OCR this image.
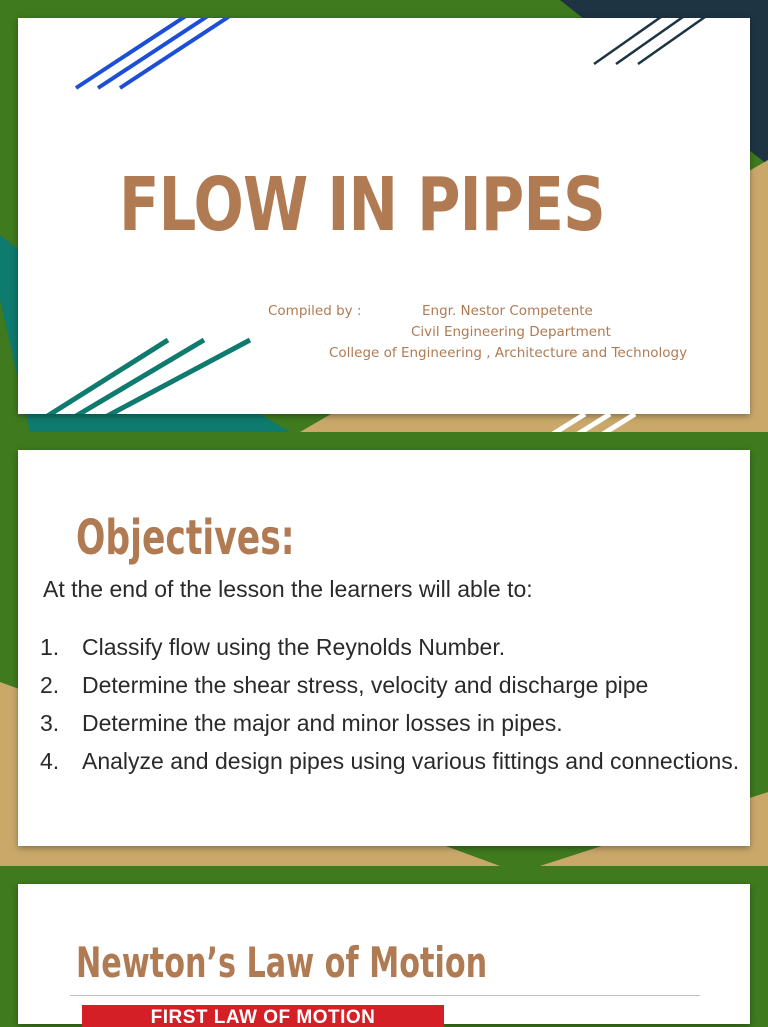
FLOW IN PIPES
Compiled by :	Engr. Nestor Competente
Civil Engineering Department
College of Engineering , Architecture and Technology
Objectives:

At the end of the lesson the learners will able to:

1. Classify flow using the Reynolds Number.
2. Determine the shear stress, velocity and discharge pipe
3. Determine the major and minor losses in pipes.
4. Analyze and design pipes using various fittings and connections.
Newton’s Law of Motion
FIRST LAW OF MOTION
